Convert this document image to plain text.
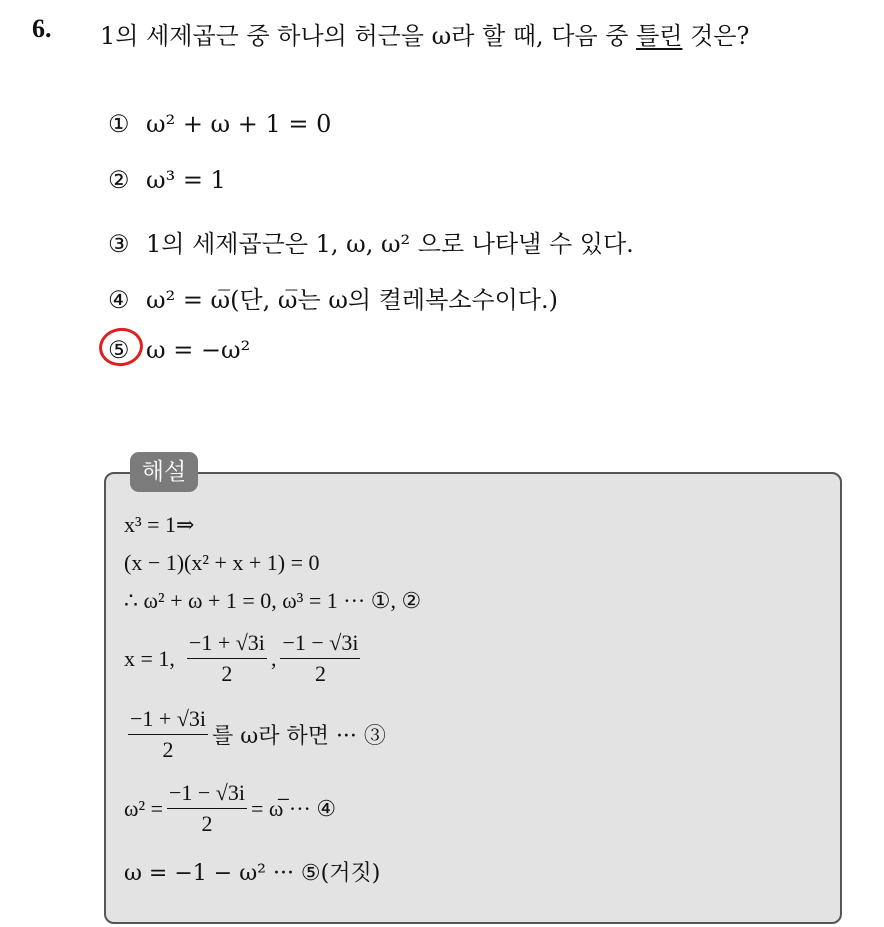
6. 1의 세제곱근 중 하나의 허근을 ω라 할 때, 다음 중 틀린 것은?
① ω² + ω + 1 = 0
② ω³ = 1
③ 1의 세제곱근은 1, ω, ω² 으로 나타낼 수 있다.
④ ω² = ω̅(단, ω̅는 ω의 켤레복소수이다.)
⑤ ω = −ω²
해설
x³ = 1⇒
(x − 1)(x² + x + 1) = 0
∴ ω² + ω + 1 = 0, ω³ = 1 ··· ①, ②
x = 1, $\frac{-1 + √3i}{2}$ , $\frac{-1 - √3i}{2}$
$\frac{-1 + √3i}{2}$ 를 ω라 하면 ··· ③
$\omega^2 = \frac{-1 - √3i}{2}$ = ω̅ ··· ④
ω = −1 − ω² ··· ⑤(거짓)
